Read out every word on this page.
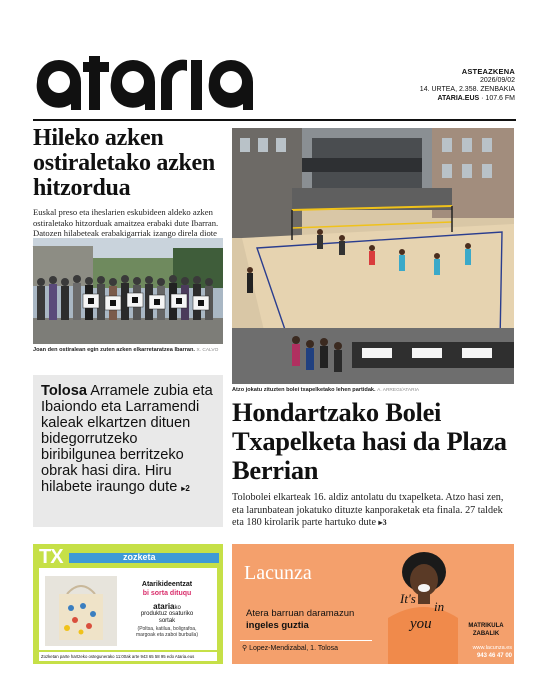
ASTEAZKENA
2026/09/02
14. URTEA, 2.358. ZENBAKIA
ATARIA.EUS · 107.6 FM
Hileko azken ostiraletako azken hitzordua
Euskal preso eta iheslarien eskubideen aldeko azken ostiraletako hitzorduak amaitzea erabaki dute Ibarran. Datozen hilabeteak erabakigarriak izango direla diote
Joan den ostiralean egin zuten azken elkarretaratzea Ibarran. X. CALVO
Tolosa Arramele zubia eta Ibaiondo eta Larramendi kaleak elkartzen dituen bidegorrutzeko biribilgunea berritzeko obrak hasi dira. Hiru hilabete iraungo dute ▸2
Atzo jokatu zituzten bolei txapelketako lehen partidak. A. ARREGI/ATARIA
Hondartzako Bolei Txapelketa hasi da Plaza Berrian
Tolobolei elkarteak 16. aldiz antolatu du txapelketa. Atzo hasi zen, eta larunbatean jokatuko dituzte kanporaketak eta finala. 27 taldek eta 180 kirolarik parte hartuko dute ▸3
TX	zozketa
Atarikideentzat
bi sorta dituqu
atariako
produktuz osaturiko
sortak
(Poltsa, katilua, boligrafoa,
margoak eta zaboi burbuila)
Zozketan parte hartzeko ostegunerako 11:00ak arte 943 65 58 95 edo Ataria.eus
Lacunza
Atera barruan daramazun
ingeles guztia
⚲ Lopez-Mendizabal, 1. Tolosa
It's
in
you	MATRIKULA
ZABALIK
www.lacunza.es
943 46 47 00
